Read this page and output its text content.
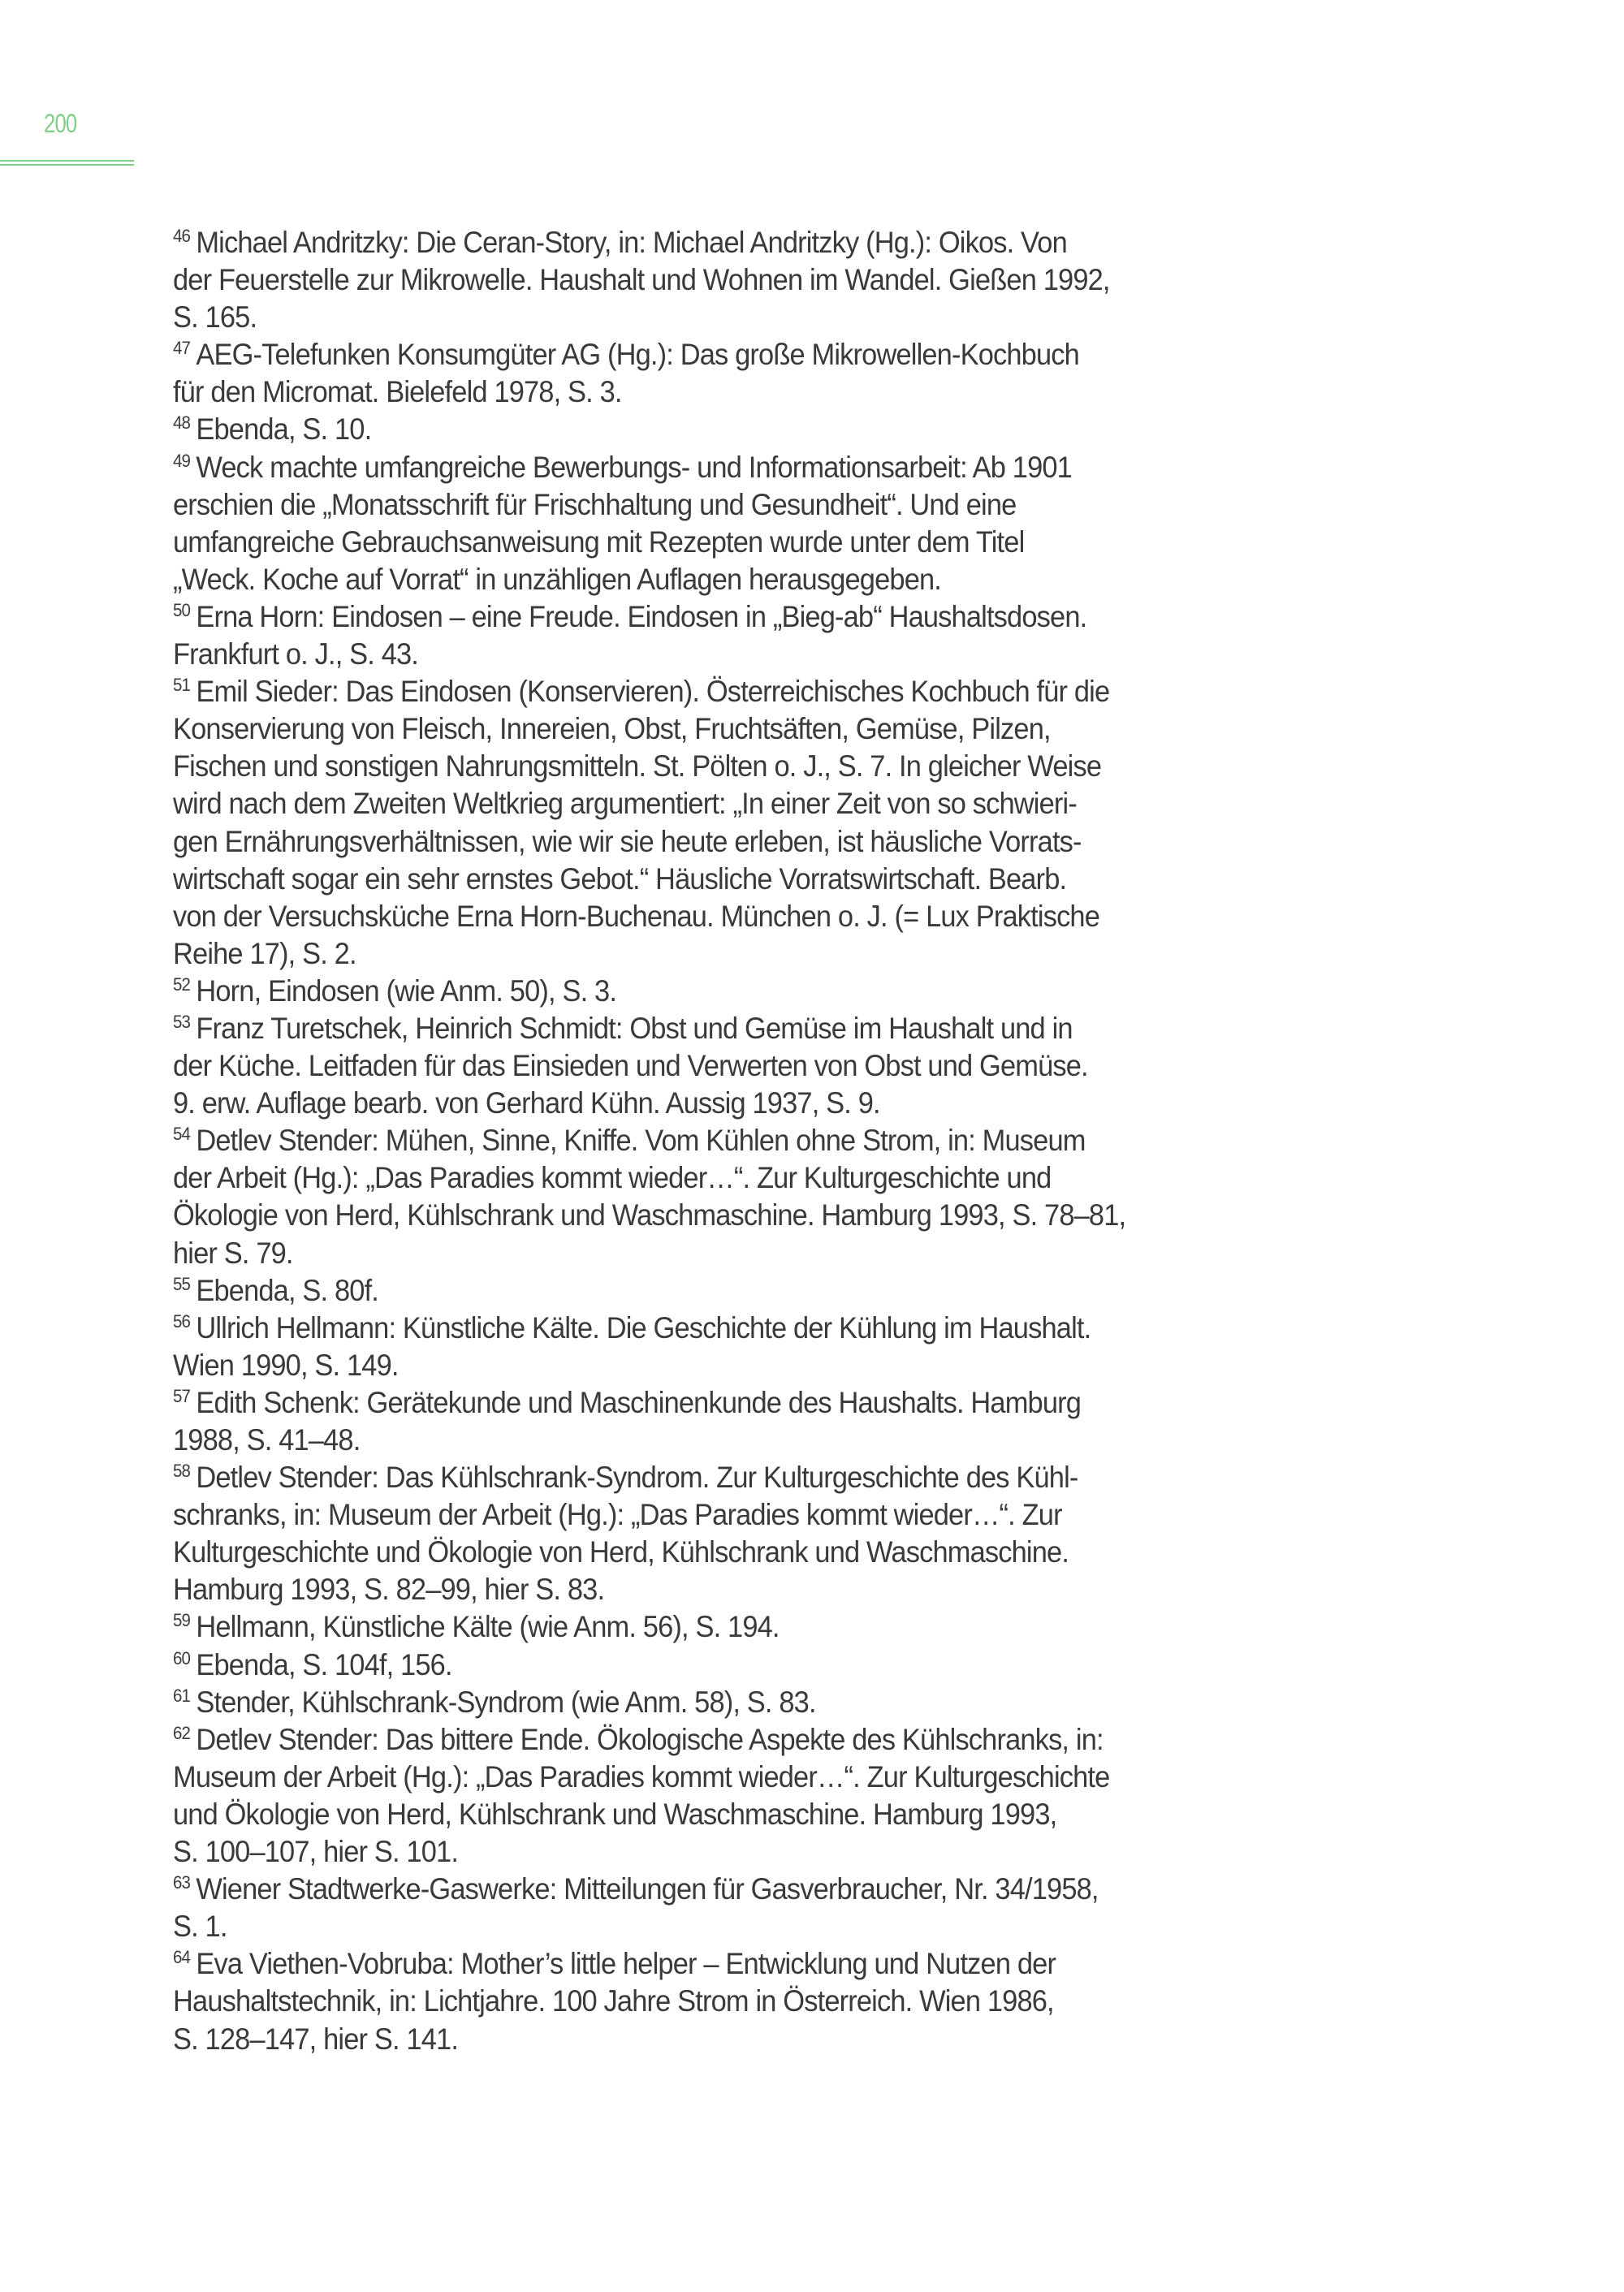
200
$^{46}$ Michael Andritzky: Die Ceran-Story, in: Michael Andritzky (Hg.): Oikos. Von
der Feuerstelle zur Mikrowelle. Haushalt und Wohnen im Wandel. Gießen 1992,
S. 165.
$^{47}$ AEG-Telefunken Konsumgüter AG (Hg.): Das große Mikrowellen-Kochbuch
für den Micromat. Bielefeld 1978, S. 3.
$^{48}$ Ebenda, S. 10.
$^{49}$ Weck machte umfangreiche Bewerbungs- und Informationsarbeit: Ab 1901
erschien die „Monatsschrift für Frischhaltung und Gesundheit“. Und eine
umfangreiche Gebrauchsanweisung mit Rezepten wurde unter dem Titel
„Weck. Koche auf Vorrat“ in unzähligen Auflagen herausgegeben.
$^{50}$ Erna Horn: Eindosen – eine Freude. Eindosen in „Bieg-ab“ Haushaltsdosen.
Frankfurt o. J., S. 43.
$^{51}$ Emil Sieder: Das Eindosen (Konservieren). Österreichisches Kochbuch für die
Konservierung von Fleisch, Innereien, Obst, Fruchtsäften, Gemüse, Pilzen,
Fischen und sonstigen Nahrungsmitteln. St. Pölten o. J., S. 7. In gleicher Weise
wird nach dem Zweiten Weltkrieg argumentiert: „In einer Zeit von so schwieri-
gen Ernährungsverhältnissen, wie wir sie heute erleben, ist häusliche Vorrats-
wirtschaft sogar ein sehr ernstes Gebot.“ Häusliche Vorratswirtschaft. Bearb.
von der Versuchsküche Erna Horn-Buchenau. München o. J. (= Lux Praktische
Reihe 17), S. 2.
$^{52}$ Horn, Eindosen (wie Anm. 50), S. 3.
$^{53}$ Franz Turetschek, Heinrich Schmidt: Obst und Gemüse im Haushalt und in
der Küche. Leitfaden für das Einsieden und Verwerten von Obst und Gemüse.
9. erw. Auflage bearb. von Gerhard Kühn. Aussig 1937, S. 9.
$^{54}$ Detlev Stender: Mühen, Sinne, Kniffe. Vom Kühlen ohne Strom, in: Museum
der Arbeit (Hg.): „Das Paradies kommt wieder…“. Zur Kulturgeschichte und
Ökologie von Herd, Kühlschrank und Waschmaschine. Hamburg 1993, S. 78–81,
hier S. 79.
$^{55}$ Ebenda, S. 80f.
$^{56}$ Ullrich Hellmann: Künstliche Kälte. Die Geschichte der Kühlung im Haushalt.
Wien 1990, S. 149.
$^{57}$ Edith Schenk: Gerätekunde und Maschinenkunde des Haushalts. Hamburg
1988, S. 41–48.
$^{58}$ Detlev Stender: Das Kühlschrank-Syndrom. Zur Kulturgeschichte des Kühl-
schranks, in: Museum der Arbeit (Hg.): „Das Paradies kommt wieder…“. Zur
Kulturgeschichte und Ökologie von Herd, Kühlschrank und Waschmaschine.
Hamburg 1993, S. 82–99, hier S. 83.
$^{59}$ Hellmann, Künstliche Kälte (wie Anm. 56), S. 194.
$^{60}$ Ebenda, S. 104f, 156.
$^{61}$ Stender, Kühlschrank-Syndrom (wie Anm. 58), S. 83.
$^{62}$ Detlev Stender: Das bittere Ende. Ökologische Aspekte des Kühlschranks, in:
Museum der Arbeit (Hg.): „Das Paradies kommt wieder…“. Zur Kulturgeschichte
und Ökologie von Herd, Kühlschrank und Waschmaschine. Hamburg 1993,
S. 100–107, hier S. 101.
$^{63}$ Wiener Stadtwerke-Gaswerke: Mitteilungen für Gasverbraucher, Nr. 34/1958,
S. 1.
$^{64}$ Eva Viethen-Vobruba: Mother’s little helper – Entwicklung und Nutzen der
Haushaltstechnik, in: Lichtjahre. 100 Jahre Strom in Österreich. Wien 1986,
S. 128–147, hier S. 141.
